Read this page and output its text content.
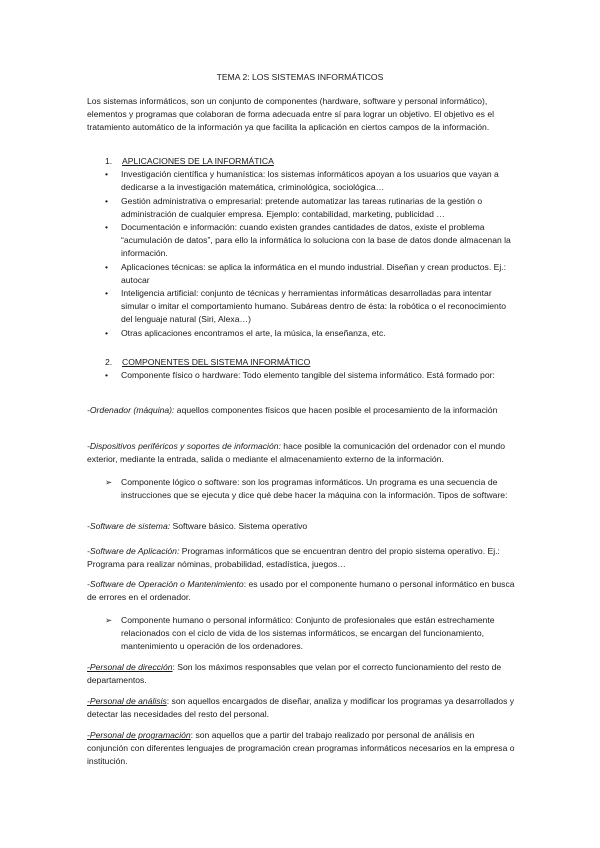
TEMA 2: LOS SISTEMAS INFORMÁTICOS
Los sistemas informáticos, son un conjunto de componentes (hardware, software y personal informático), elementos y programas que colaboran de forma adecuada entre sí para lograr un objetivo. El objetivo es el tratamiento automático de la información ya que facilita la aplicación en ciertos campos de la información.
1. APLICACIONES DE LA INFORMÁTICA
• Investigación científica y humanística: los sistemas informáticos apoyan a los usuarios que vayan a dedicarse a la investigación matemática, criminológica, sociológica…
• Gestión administrativa o empresarial: pretende automatizar las tareas rutinarias de la gestión o administración de cualquier empresa. Ejemplo: contabilidad, marketing, publicidad …
• Documentación e información: cuando existen grandes cantidades de datos, existe el problema “acumulación de datos”, para ello la informática lo soluciona con la base de datos donde almacenan la información.
• Aplicaciones técnicas: se aplica la informática en el mundo industrial. Diseñan y crean productos. Ej.: autocar
• Inteligencia artificial: conjunto de técnicas y herramientas informáticas desarrolladas para intentar simular o imitar el comportamiento humano. Subáreas dentro de ésta: la robótica o el reconocimiento del lenguaje natural (Siri, Alexa…)
• Otras aplicaciones encontramos el arte, la música, la enseñanza, etc.
2. COMPONENTES DEL SISTEMA INFORMÁTICO
• Componente físico o hardware: Todo elemento tangible del sistema informático. Está formado por:
-Ordenador (máquina): aquellos componentes físicos que hacen posible el procesamiento de la información
-Dispositivos periféricos y soportes de información: hace posible la comunicación del ordenador con el mundo exterior, mediante la entrada, salida o mediante el almacenamiento externo de la información.
➢ Componente lógico o software: son los programas informáticos. Un programa es una secuencia de instrucciones que se ejecuta y dice qué debe hacer la máquina con la información. Tipos de software:
-Software de sistema: Software básico. Sistema operativo
-Software de Aplicación: Programas informáticos que se encuentran dentro del propio sistema operativo. Ej.: Programa para realizar nóminas, probabilidad, estadística, juegos…
-Software de Operación o Mantenimiento: es usado por el componente humano o personal informático en busca de errores en el ordenador.
➢ Componente humano o personal informático: Conjunto de profesionales que están estrechamente relacionados con el ciclo de vida de los sistemas informáticos, se encargan del funcionamiento, mantenimiento u operación de los ordenadores.
-Personal de dirección: Son los máximos responsables que velan por el correcto funcionamiento del resto de departamentos.
-Personal de análisis: son aquellos encargados de diseñar, analiza y modificar los programas ya desarrollados y detectar las necesidades del resto del personal.
-Personal de programación: son aquellos que a partir del trabajo realizado por personal de análisis en conjunción con diferentes lenguajes de programación crean programas informáticos necesarios en la empresa o institución.
